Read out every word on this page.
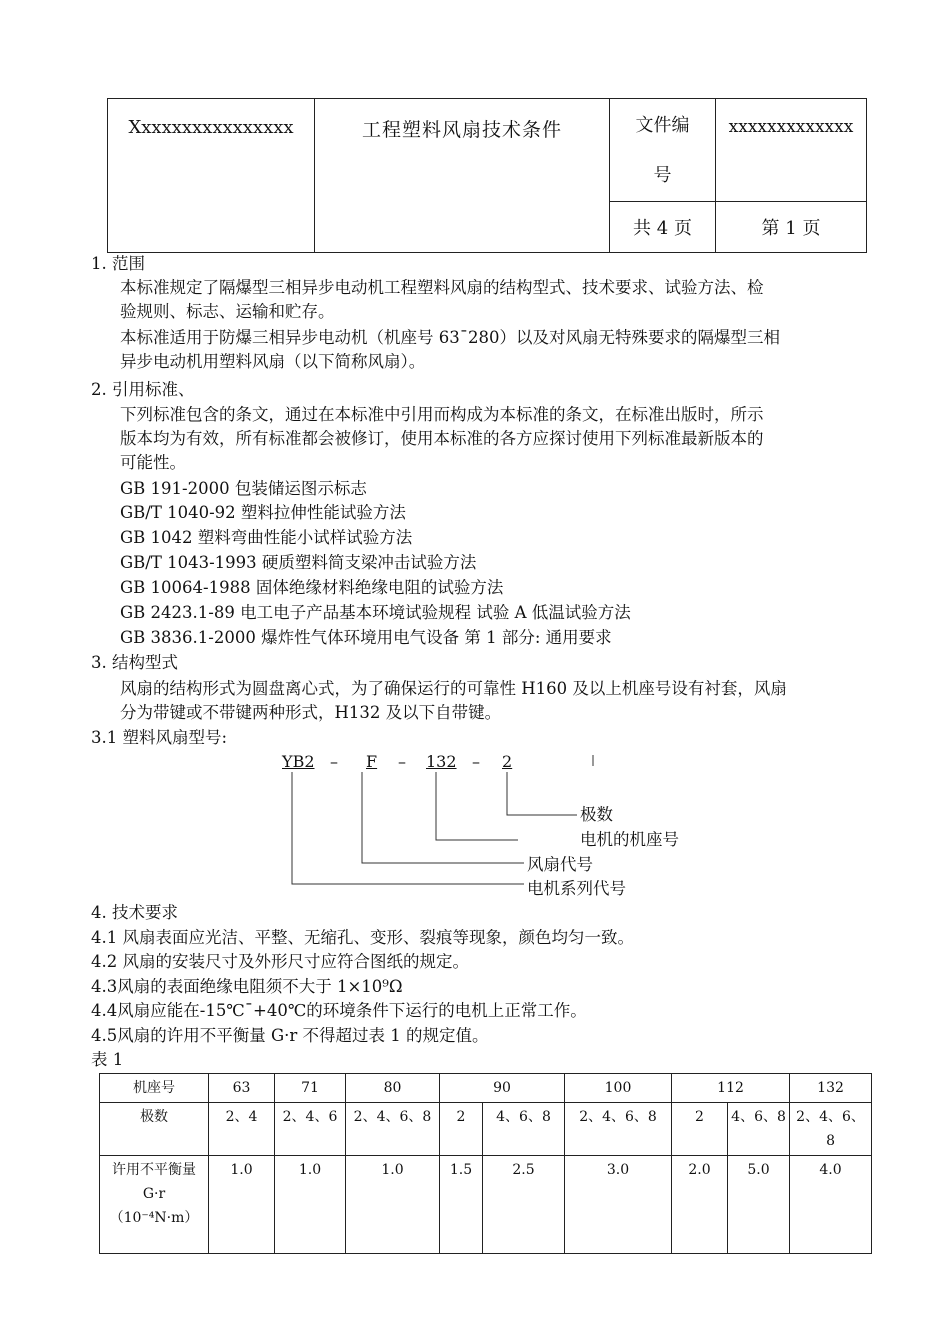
Xxxxxxxxxxxxxxxx	工程塑料风扇技术条件	文件编
号	xxxxxxxxxxxxx
		共 4 页	第 1 页
1. 范围
本标准规定了隔爆型三相异步电动机工程塑料风扇的结构型式、技术要求、试验方法、检
验规则、标志、运输和贮存。
本标准适用于防爆三相异步电动机（机座号 63¯280）以及对风扇无特殊要求的隔爆型三相
异步电动机用塑料风扇（以下简称风扇）。
2. 引用标准、
下列标准包含的条文，通过在本标准中引用而构成为本标准的条文，在标准出版时，所示
版本均为有效，所有标准都会被修订，使用本标准的各方应探讨使用下列标准最新版本的
可能性。
GB 191-2000 包装储运图示标志
GB/T 1040-92 塑料拉伸性能试验方法
GB 1042 塑料弯曲性能小试样试验方法
GB/T 1043-1993 硬质塑料简支梁冲击试验方法
GB 10064-1988 固体绝缘材料绝缘电阻的试验方法
GB 2423.1-89 电工电子产品基本环境试验规程 试验 A 低温试验方法
GB 3836.1-2000 爆炸性气体环境用电气设备 第 1 部分: 通用要求
3. 结构型式
风扇的结构形式为圆盘离心式，为了确保运行的可靠性 H160 及以上机座号设有衬套，风扇
分为带键或不带键两种形式，H132 及以下自带键。
3.1 塑料风扇型号:
YB2 – F – 132 – 2
极数
电机的机座号
风扇代号
电机系列代号
4. 技术要求
4.1 风扇表面应光洁、平整、无缩孔、变形、裂痕等现象，颜色均匀一致。
4.2 风扇的安装尺寸及外形尺寸应符合图纸的规定。
4.3风扇的表面绝缘电阻须不大于 1×10⁹Ω
4.4风扇应能在-15℃¯+40℃的环境条件下运行的电机上正常工作。
4.5风扇的许用不平衡量 G·r 不得超过表 1 的规定值。
表 1
机座号	63	71	80	90		100	112		132
极数	2、4	2、4、6	2、4、6、8	2	4、6、8	2、4、6、8	2	4、6、8	2、4、6、8
许用不平衡量
G·r（10⁻⁴N·m）	1.0	1.0	1.0	1.5	2.5	3.0	2.0	5.0	4.0
